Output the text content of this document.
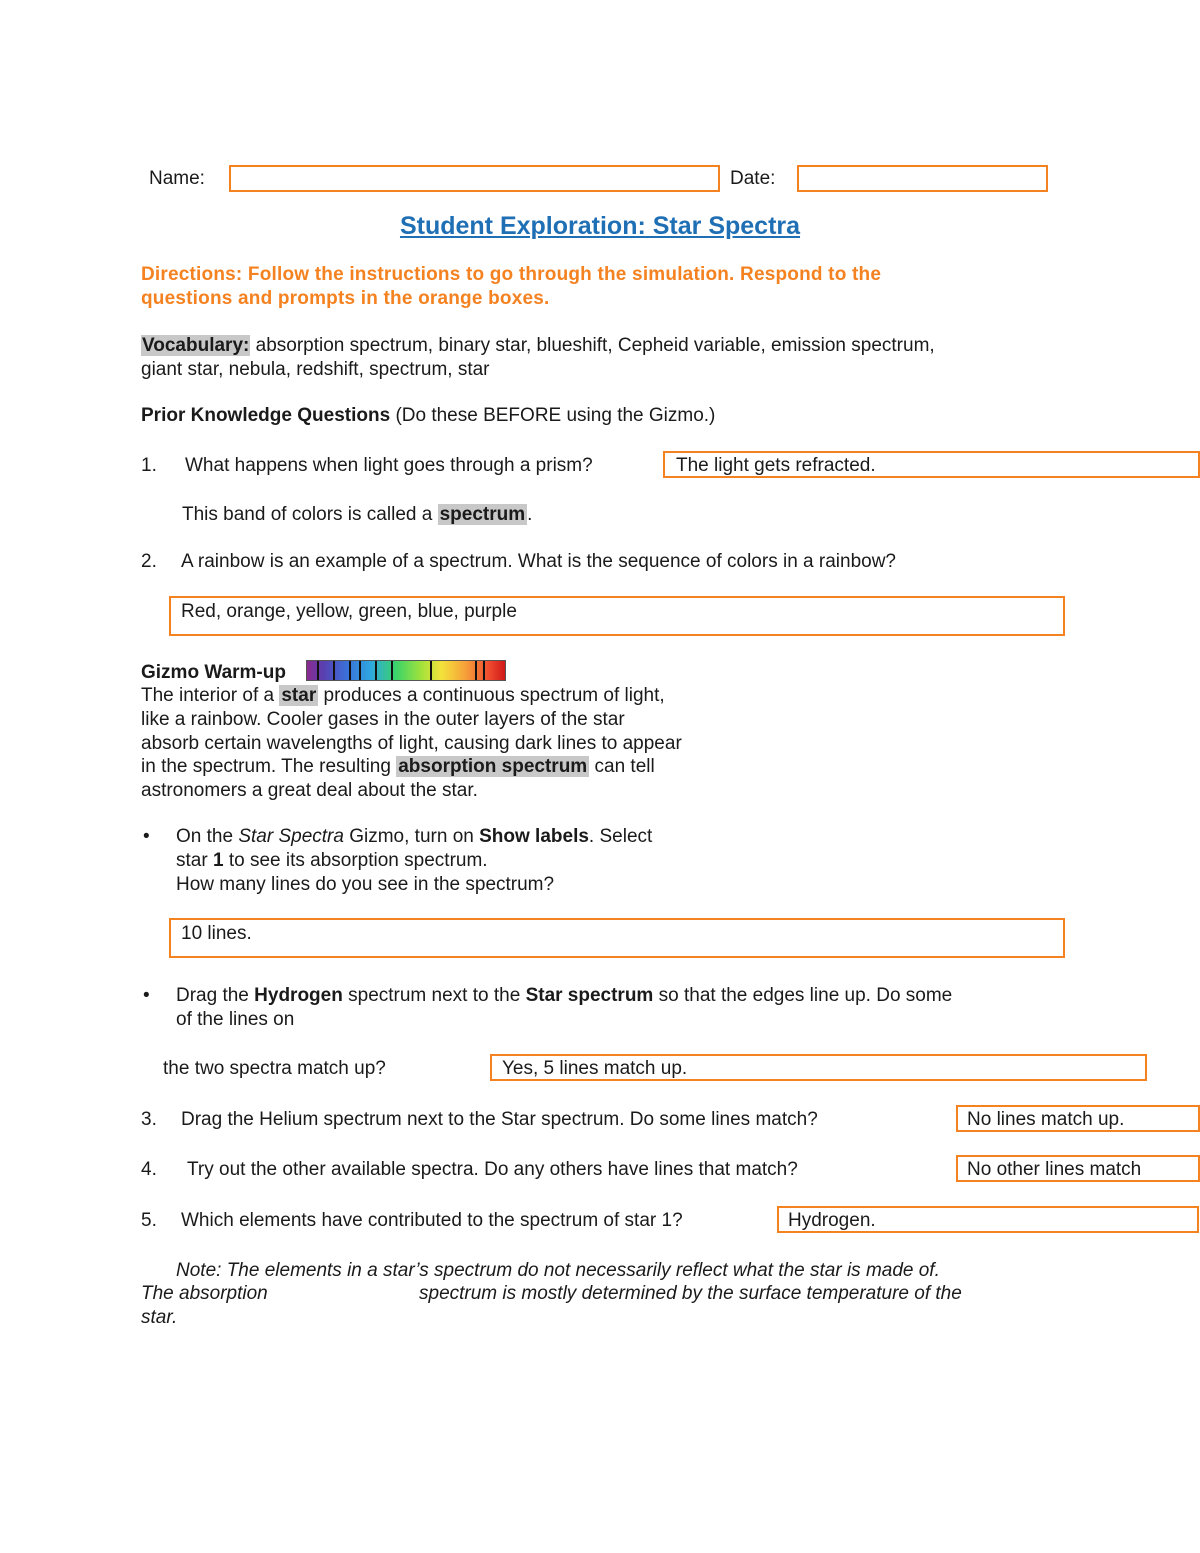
Name:	Date:
Student Exploration: Star Spectra
Directions: Follow the instructions to go through the simulation. Respond to the
questions and prompts in the orange boxes.
Vocabulary: absorption spectrum, binary star, blueshift, Cepheid variable, emission spectrum,
giant star, nebula, redshift, spectrum, star
Prior Knowledge Questions (Do these BEFORE using the Gizmo.)
1. What happens when light goes through a prism?	The light gets refracted.
This band of colors is called a spectrum .
2. A rainbow is an example of a spectrum. What is the sequence of colors in a rainbow?
Red, orange, yellow, green, blue, purple
Gizmo Warm-up
The interior of a star produces a continuous spectrum of light,
like a rainbow. Cooler gases in the outer layers of the star
absorb certain wavelengths of light, causing dark lines to appear
in the spectrum. The resulting absorption spectrum can tell
astronomers a great deal about the star.
• On the Star Spectra Gizmo, turn on Show labels. Select
star 1 to see its absorption spectrum.
How many lines do you see in the spectrum?
10 lines.
• Drag the Hydrogen spectrum next to the Star spectrum so that the edges line up. Do some
of the lines on
the two spectra match up?	Yes, 5 lines match up.
3. Drag the Helium spectrum next to the Star spectrum. Do some lines match?	No lines match up.
4. Try out the other available spectra. Do any others have lines that match?	No other lines match
5. Which elements have contributed to the spectrum of star 1?	Hydrogen.
Note: The elements in a star’s spectrum do not necessarily reflect what the star is made of.
The absorption	spectrum is mostly determined by the surface temperature of the
star.
